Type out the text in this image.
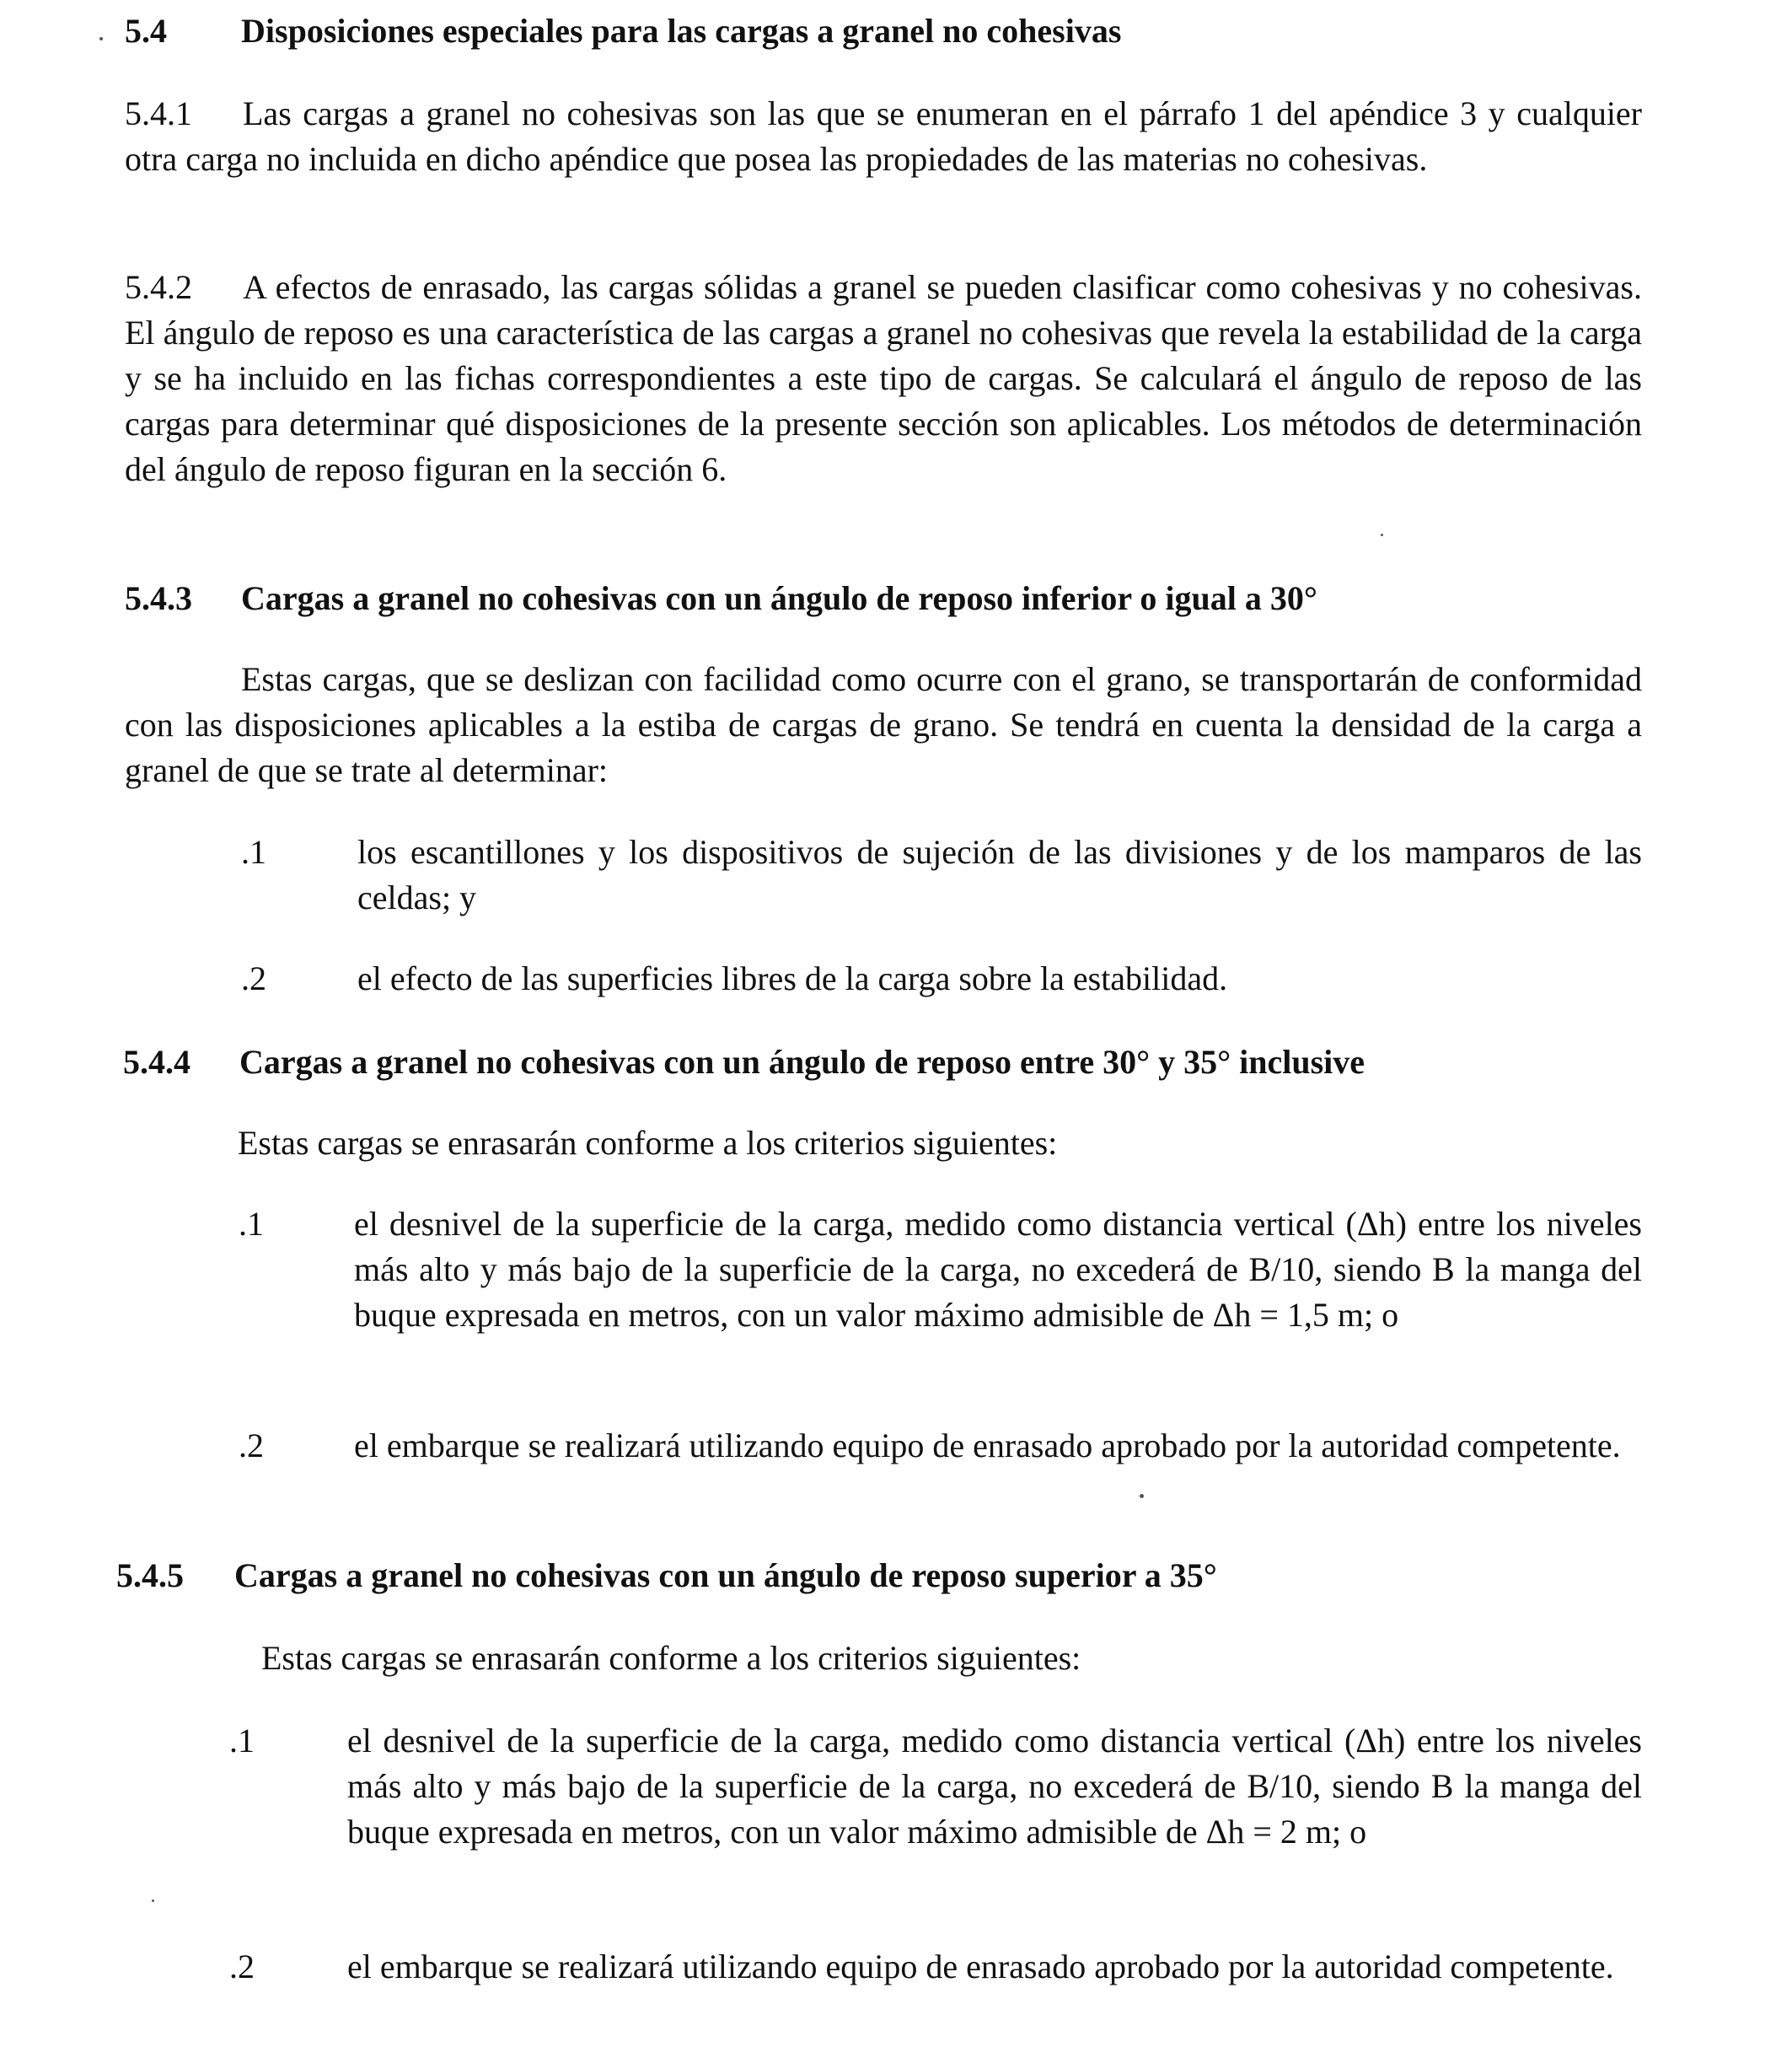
5.4 Disposiciones especiales para las cargas a granel no cohesivas

5.4.1 Las cargas a granel no cohesivas son las que se enumeran en el párrafo 1 del apéndice 3 y cualquier otra carga no incluida en dicho apéndice que posea las propiedades de las materias no cohesivas.

5.4.2 A efectos de enrasado, las cargas sólidas a granel se pueden clasificar como cohesivas y no cohesivas. El ángulo de reposo es una característica de las cargas a granel no cohesivas que revela la estabilidad de la carga y se ha incluido en las fichas correspondientes a este tipo de cargas. Se calculará el ángulo de reposo de las cargas para determinar qué disposiciones de la presente sección son aplicables. Los métodos de determinación del ángulo de reposo figuran en la sección 6.

5.4.3 Cargas a granel no cohesivas con un ángulo de reposo inferior o igual a 30°

Estas cargas, que se deslizan con facilidad como ocurre con el grano, se transportarán de conformidad con las disposiciones aplicables a la estiba de cargas de grano. Se tendrá en cuenta la densidad de la carga a granel de que se trate al determinar:

.1	los escantillones y los dispositivos de sujeción de las divisiones y de los mamparos de las celdas; y
.2	el efecto de las superficies libres de la carga sobre la estabilidad.
5.4.4 Cargas a granel no cohesivas con un ángulo de reposo entre 30° y 35° inclusive

Estas cargas se enrasarán conforme a los criterios siguientes:

.1	el desnivel de la superficie de la carga, medido como distancia vertical (Δh) entre los niveles más alto y más bajo de la superficie de la carga, no excederá de B/10, siendo B la manga del buque expresada en metros, con un valor máximo admisible de Δh = 1,5 m; o
.2	el embarque se realizará utilizando equipo de enrasado aprobado por la autoridad competente.
5.4.5 Cargas a granel no cohesivas con un ángulo de reposo superior a 35°

Estas cargas se enrasarán conforme a los criterios siguientes:

.1	el desnivel de la superficie de la carga, medido como distancia vertical (Δh) entre los niveles más alto y más bajo de la superficie de la carga, no excederá de B/10, siendo B la manga del buque expresada en metros, con un valor máximo admisible de Δh = 2 m; o
.2	el embarque se realizará utilizando equipo de enrasado aprobado por la autoridad competente.
